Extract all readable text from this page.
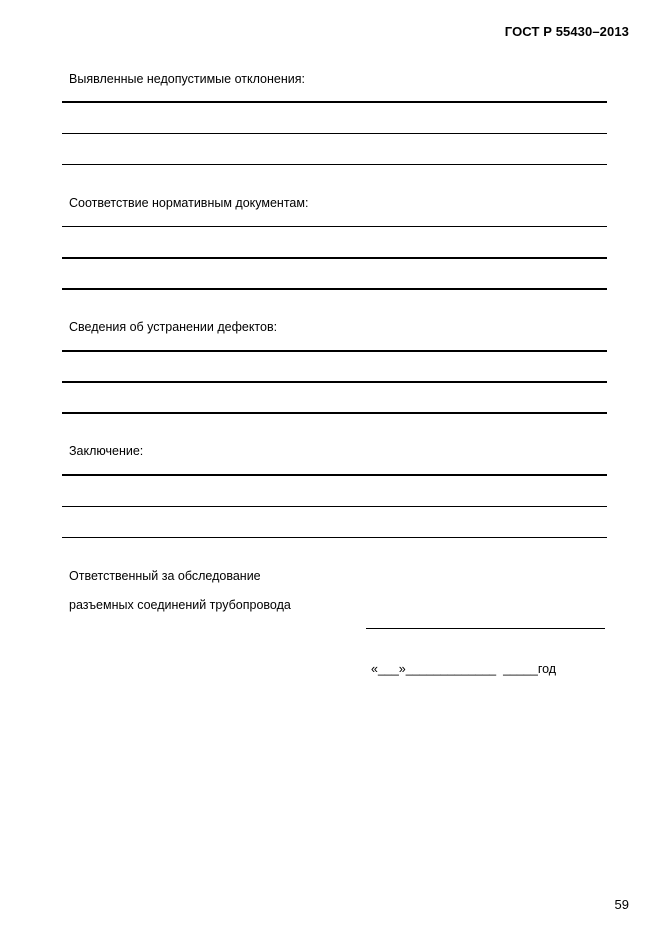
ГОСТ Р 55430–2013
Выявленные недопустимые отклонения:
Соответствие нормативным документам:
Сведения об устранении дефектов:
Заключение:
Ответственный за обследование
разъемных соединений трубопровода
«___»_____________  _____год
59
